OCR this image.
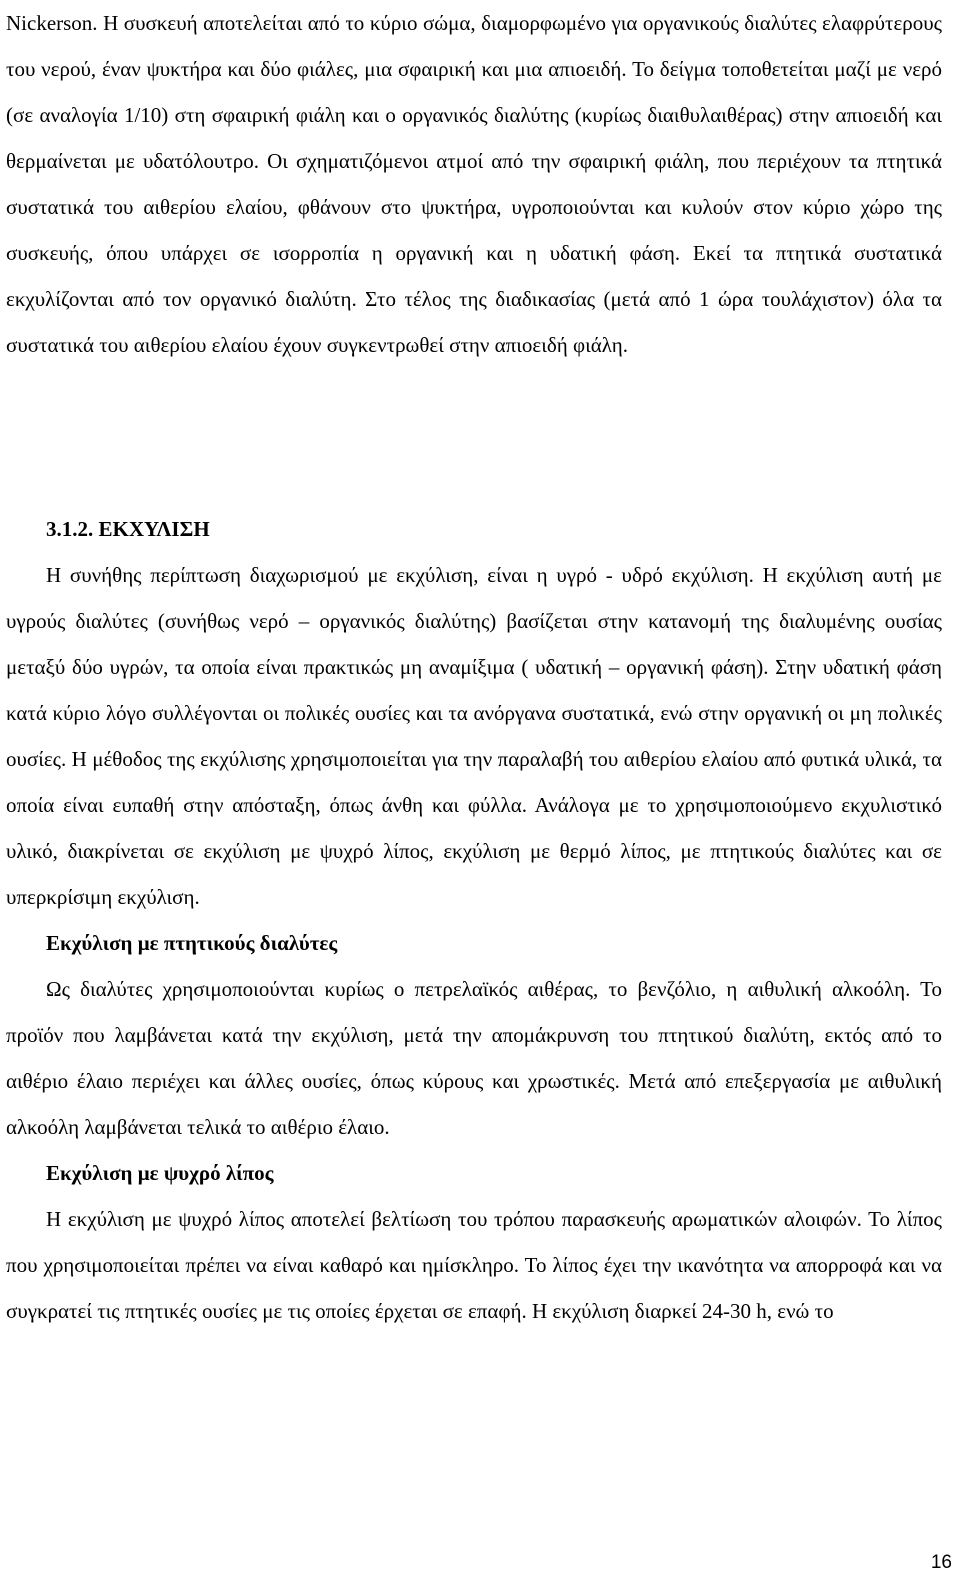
Nickerson. Η συσκευή αποτελείται από το κύριο σώμα, διαμορφωμένο για οργανικούς διαλύτες ελαφρύτερους του νερού, έναν ψυκτήρα και δύο φιάλες, μια σφαιρική και μια απιοειδή. Το δείγμα τοποθετείται μαζί με νερό (σε αναλογία 1/10) στη σφαιρική φιάλη και ο οργανικός διαλύτης (κυρίως διαιθυλαιθέρας) στην απιοειδή και θερμαίνεται με υδατόλουτρο. Οι σχηματιζόμενοι ατμοί από την σφαιρική φιάλη, που περιέχουν τα πτητικά συστατικά του αιθερίου ελαίου, φθάνουν στο ψυκτήρα, υγροποιούνται και κυλούν στον κύριο χώρο της συσκευής, όπου υπάρχει σε ισορροπία η οργανική και η υδατική φάση. Εκεί τα πτητικά συστατικά εκχυλίζονται από τον οργανικό διαλύτη. Στο τέλος της διαδικασίας (μετά από 1 ώρα τουλάχιστον) όλα τα συστατικά του αιθερίου ελαίου έχουν συγκεντρωθεί στην απιοειδή φιάλη.

3.1.2. ΕΚΧΥΛΙΣΗ

Η συνήθης περίπτωση διαχωρισμού με εκχύλιση, είναι η υγρό - υδρό εκχύλιση. Η εκχύλιση αυτή με υγρούς διαλύτες (συνήθως νερό – οργανικός διαλύτης) βασίζεται στην κατανομή της διαλυμένης ουσίας μεταξύ δύο υγρών, τα οποία είναι πρακτικώς μη αναμίξιμα ( υδατική – οργανική φάση). Στην υδατική φάση κατά κύριο λόγο συλλέγονται οι πολικές ουσίες και τα ανόργανα συστατικά, ενώ στην οργανική οι μη πολικές ουσίες. Η μέθοδος της εκχύλισης χρησιμοποιείται για την παραλαβή του αιθερίου ελαίου από φυτικά υλικά, τα οποία είναι ευπαθή στην απόσταξη, όπως άνθη και φύλλα. Ανάλογα με το χρησιμοποιούμενο εκχυλιστικό υλικό, διακρίνεται σε εκχύλιση με ψυχρό λίπος, εκχύλιση με θερμό λίπος, με πτητικούς διαλύτες και σε υπερκρίσιμη εκχύλιση.

Εκχύλιση με πτητικούς διαλύτες

Ως διαλύτες χρησιμοποιούνται κυρίως ο πετρελαϊκός αιθέρας, το βενζόλιο, η αιθυλική αλκοόλη. Το προϊόν που λαμβάνεται κατά την εκχύλιση, μετά την απομάκρυνση του πτητικού διαλύτη, εκτός από το αιθέριο έλαιο περιέχει και άλλες ουσίες, όπως κύρους και χρωστικές. Μετά από επεξεργασία με αιθυλική αλκοόλη λαμβάνεται τελικά το αιθέριο έλαιο.

Εκχύλιση με ψυχρό λίπος

Η εκχύλιση με ψυχρό λίπος αποτελεί βελτίωση του τρόπου παρασκευής αρωματικών αλοιφών. Το λίπος που χρησιμοποιείται πρέπει να είναι καθαρό και ημίσκληρο. Το λίπος έχει την ικανότητα να απορροφά και να συγκρατεί τις πτητικές ουσίες με τις οποίες έρχεται σε επαφή. Η εκχύλιση διαρκεί 24-30 h, ενώ το

16
